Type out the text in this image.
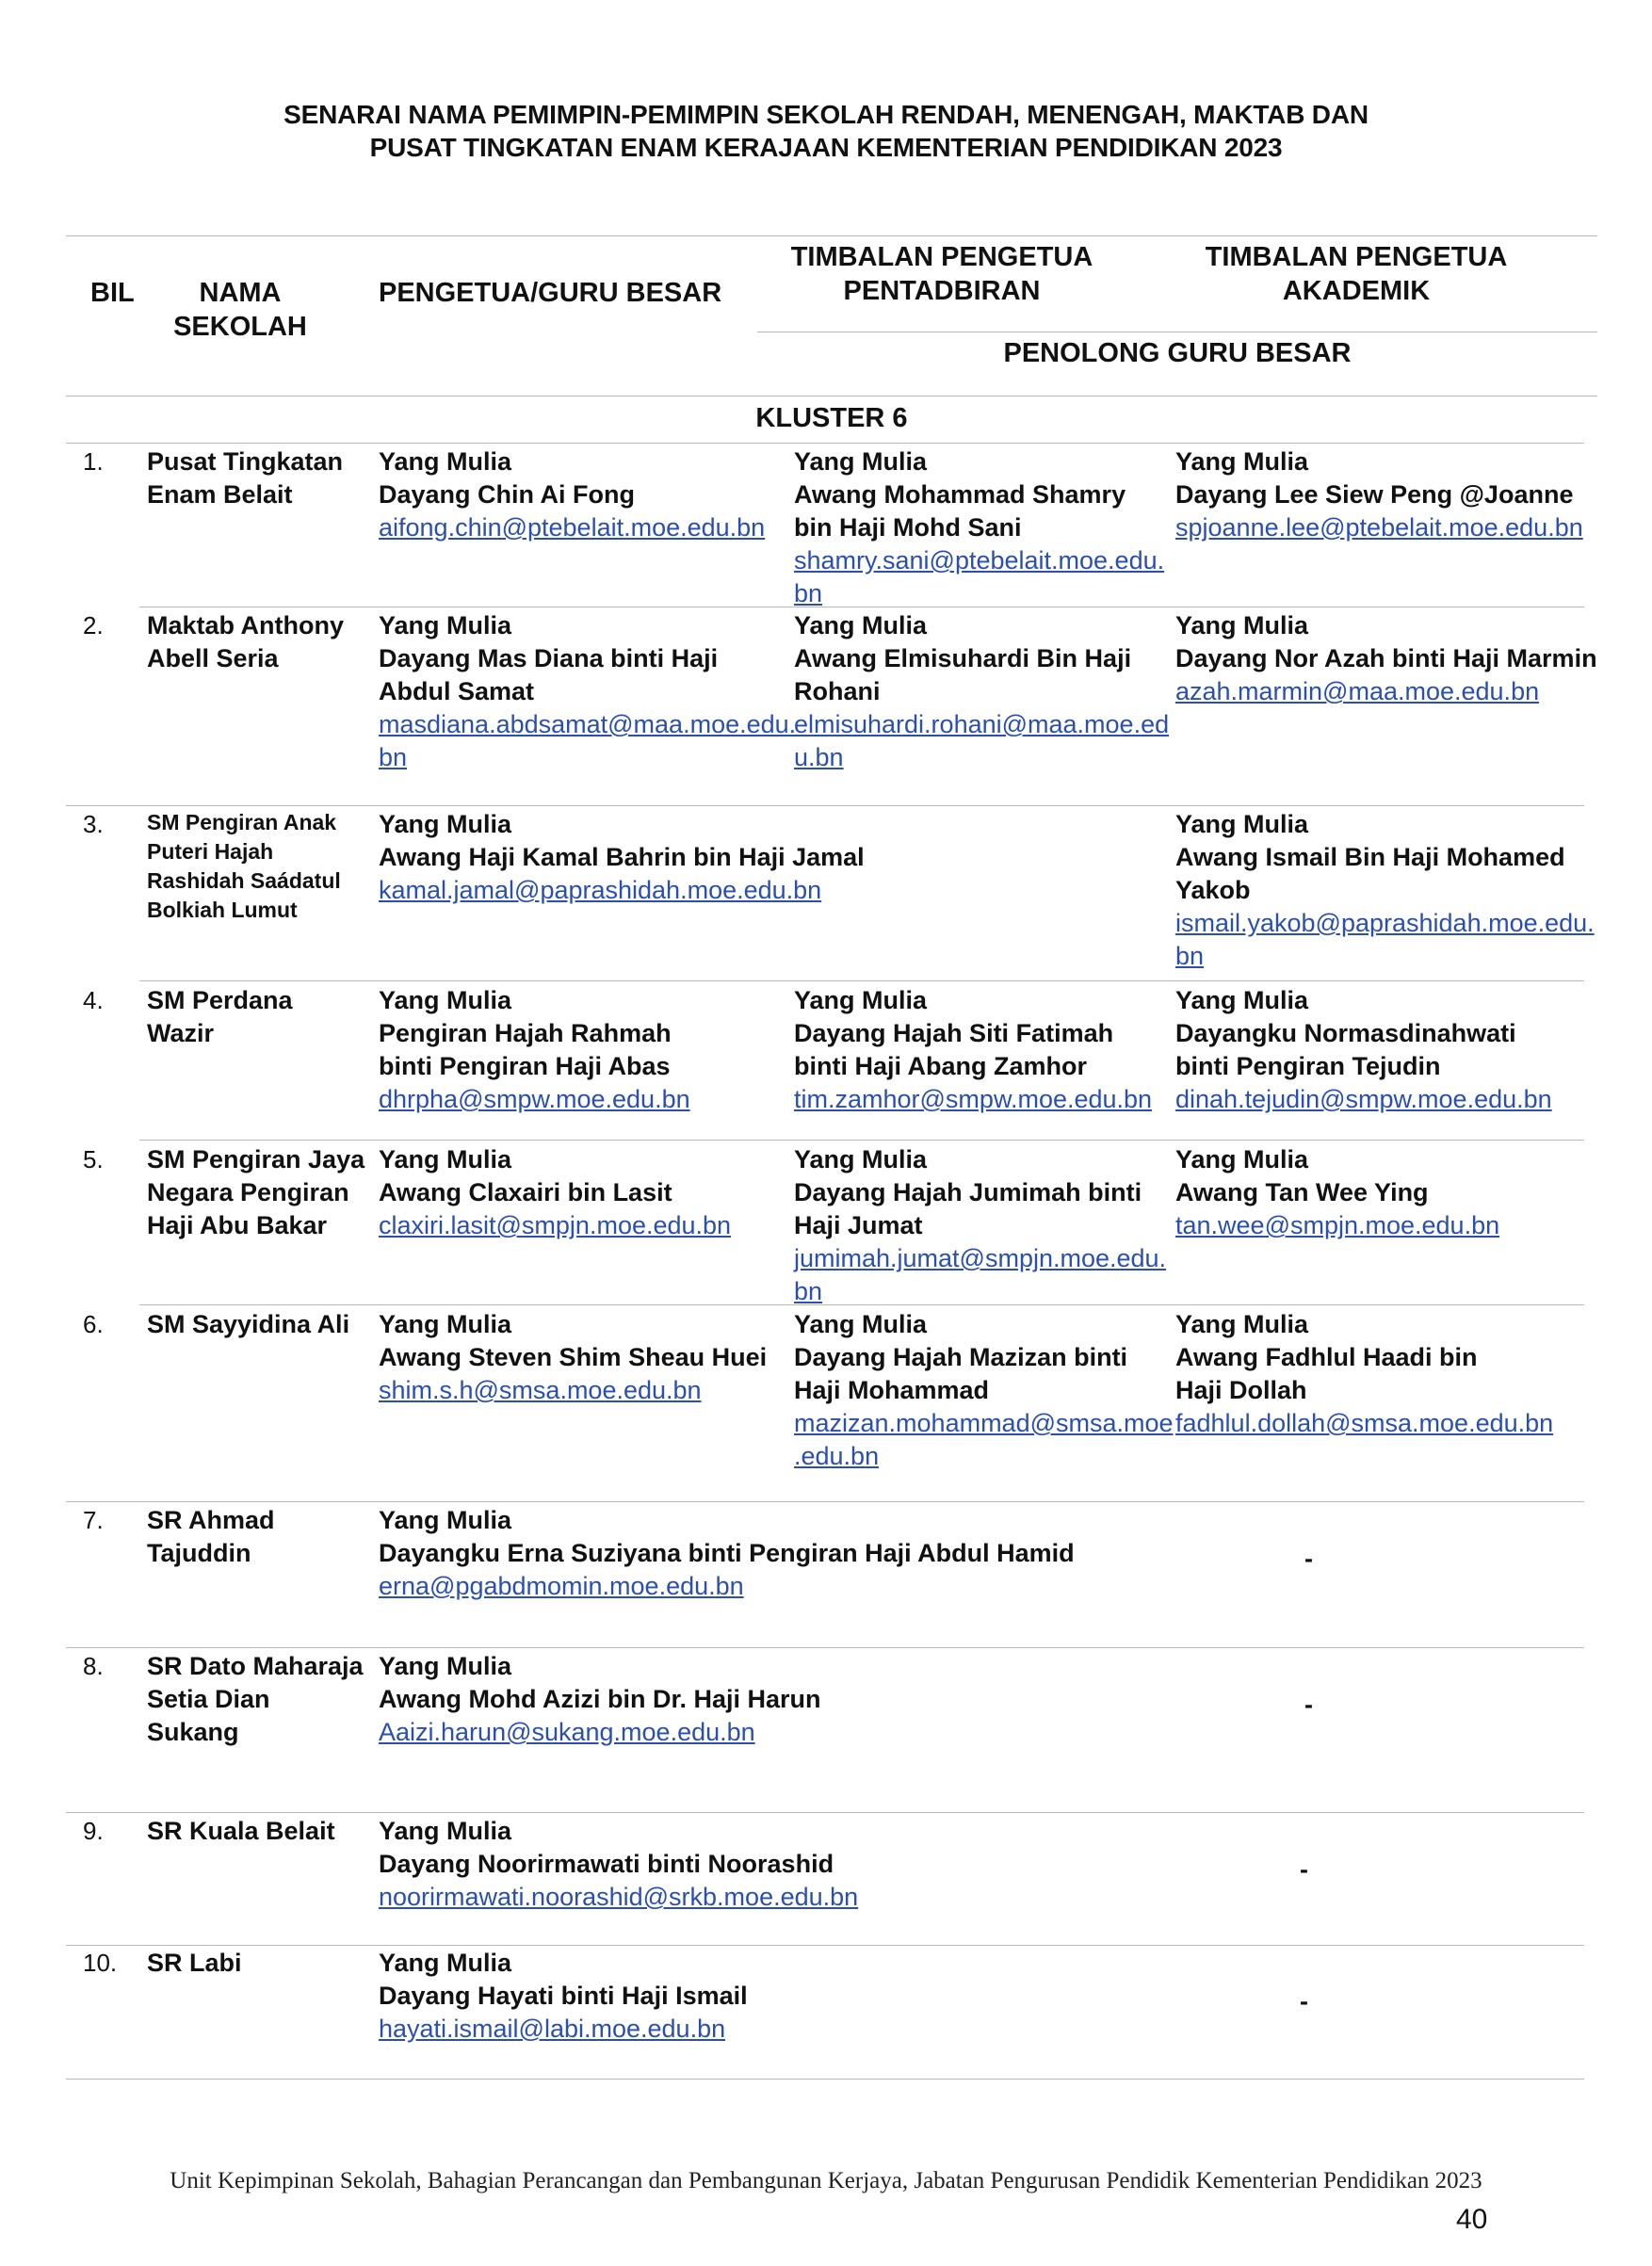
SENARAI NAMA PEMIMPIN-PEMIMPIN SEKOLAH RENDAH, MENENGAH, MAKTAB DAN
PUSAT TINGKATAN ENAM KERAJAAN KEMENTERIAN PENDIDIKAN 2023
BIL	NAMA
SEKOLAH
PENGETUA/GURU BESAR
TIMBALAN PENGETUA
PENTADBIRAN
TIMBALAN PENGETUA
AKADEMIK
PENOLONG GURU BESAR
KLUSTER 6
1. Pusat Tingkatan
Enam Belait
Yang Mulia
Dayang Chin Ai Fong
aifong.chin@ptebelait.moe.edu.bn
Yang Mulia
Awang Mohammad Shamry
bin Haji Mohd Sani
shamry.sani@ptebelait.moe.edu.
bn
Yang Mulia
Dayang Lee Siew Peng @Joanne
spjoanne.lee@ptebelait.moe.edu.bn
2. Maktab Anthony
Abell Seria
Yang Mulia
Dayang Mas Diana binti Haji
Abdul Samat
masdiana.abdsamat@maa.moe.edu.
bn
Yang Mulia
Awang Elmisuhardi Bin Haji
Rohani
elmisuhardi.rohani@maa.moe.ed
u.bn
Yang Mulia
Dayang Nor Azah binti Haji Marmin
azah.marmin@maa.moe.edu.bn
3. SM Pengiran Anak
Puteri Hajah
Rashidah Saádatul
Bolkiah Lumut
Yang Mulia
Awang Haji Kamal Bahrin bin Haji Jamal
kamal.jamal@paprashidah.moe.edu.bn
Yang Mulia
Awang Ismail Bin Haji Mohamed
Yakob
ismail.yakob@paprashidah.moe.edu.
bn
4. SM Perdana
Wazir
Yang Mulia
Pengiran Hajah Rahmah
binti Pengiran Haji Abas
dhrpha@smpw.moe.edu.bn
Yang Mulia
Dayang Hajah Siti Fatimah
binti Haji Abang Zamhor
tim.zamhor@smpw.moe.edu.bn
Yang Mulia
Dayangku Normasdinahwati
binti Pengiran Tejudin
dinah.tejudin@smpw.moe.edu.bn
5. SM Pengiran Jaya
Negara Pengiran
Haji Abu Bakar
Yang Mulia
Awang Claxairi bin Lasit
claxiri.lasit@smpjn.moe.edu.bn
Yang Mulia
Dayang Hajah Jumimah binti
Haji Jumat
jumimah.jumat@smpjn.moe.edu.
bn
Yang Mulia
Awang Tan Wee Ying
tan.wee@smpjn.moe.edu.bn
6. SM Sayyidina Ali Yang Mulia
Awang Steven Shim Sheau Huei
shim.s.h@smsa.moe.edu.bn
Yang Mulia
Dayang Hajah Mazizan binti
Haji Mohammad
mazizan.mohammad@smsa.moe
.edu.bn
Yang Mulia
Awang Fadhlul Haadi bin
Haji Dollah
fadhlul.dollah@smsa.moe.edu.bn
7. SR Ahmad
Tajuddin
Yang Mulia
Dayangku Erna Suziyana binti Pengiran Haji Abdul Hamid
erna@pgabdmomin.moe.edu.bn
-
8. SR Dato Maharaja
Setia Dian
Sukang
Yang Mulia
Awang Mohd Azizi bin Dr. Haji Harun
Aaizi.harun@sukang.moe.edu.bn
-
9. SR Kuala Belait Yang Mulia
Dayang Noorirmawati binti Noorashid
noorirmawati.noorashid@srkb.moe.edu.bn
-
10. SR Labi	Yang Mulia
Dayang Hayati binti Haji Ismail
hayati.ismail@labi.moe.edu.bn
-
Unit Kepimpinan Sekolah, Bahagian Perancangan dan Pembangunan Kerjaya, Jabatan Pengurusan Pendidik Kementerian Pendidikan 2023
40
